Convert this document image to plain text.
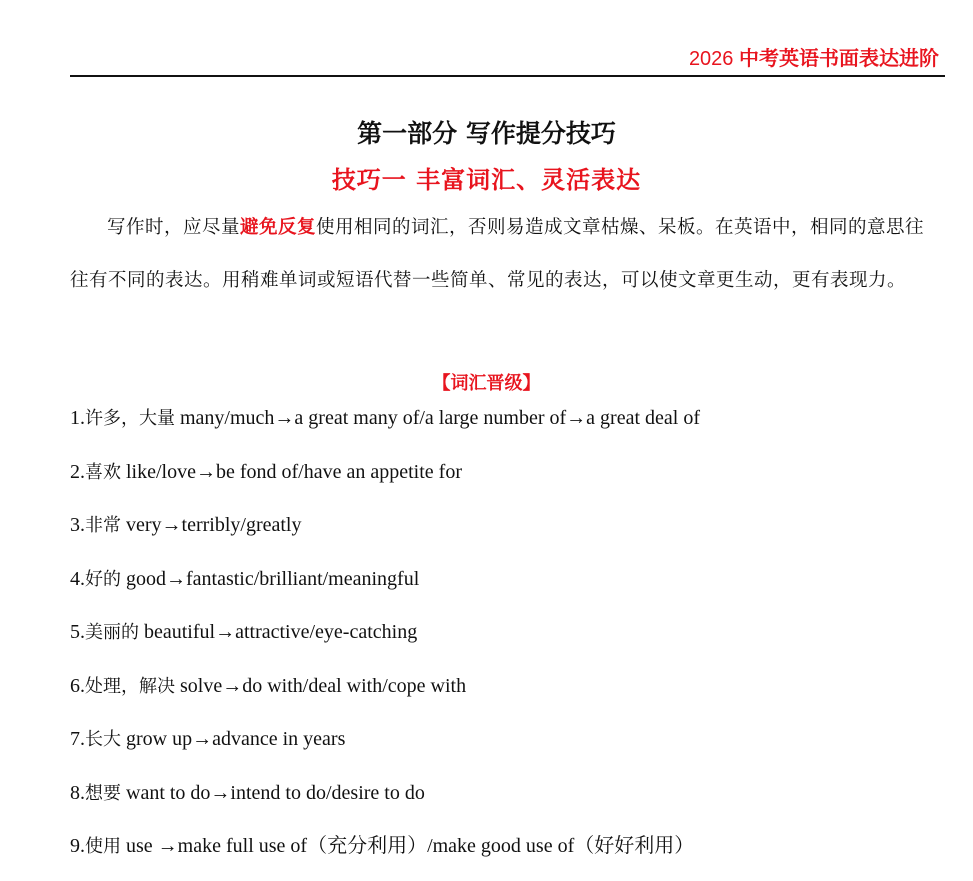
2026 中考英语书面表达进阶
第一部分 写作提分技巧
技巧一 丰富词汇、灵活表达

写作时，应尽量避免反复使用相同的词汇，否则易造成文章枯燥、呆板。在英语中，相同的意思往往有不同的表达。用稍难单词或短语代替一些简单、常见的表达，可以使文章更生动，更有表现力。

【词汇晋级】
1.许多，大量 many/much→a great many of/a large number of→a great deal of
2.喜欢 like/love→be fond of/have an appetite for
3.非常 very→terribly/greatly
4.好的 good→fantastic/brilliant/meaningful
5.美丽的 beautiful→attractive/eye-catching
6.处理，解决 solve→do with/deal with/cope with
7.长大 grow up→advance in years
8.想要 want to do→intend to do/desire to do
9.使用 use →make full use of（充分利用）/make good use of（好好利用）
